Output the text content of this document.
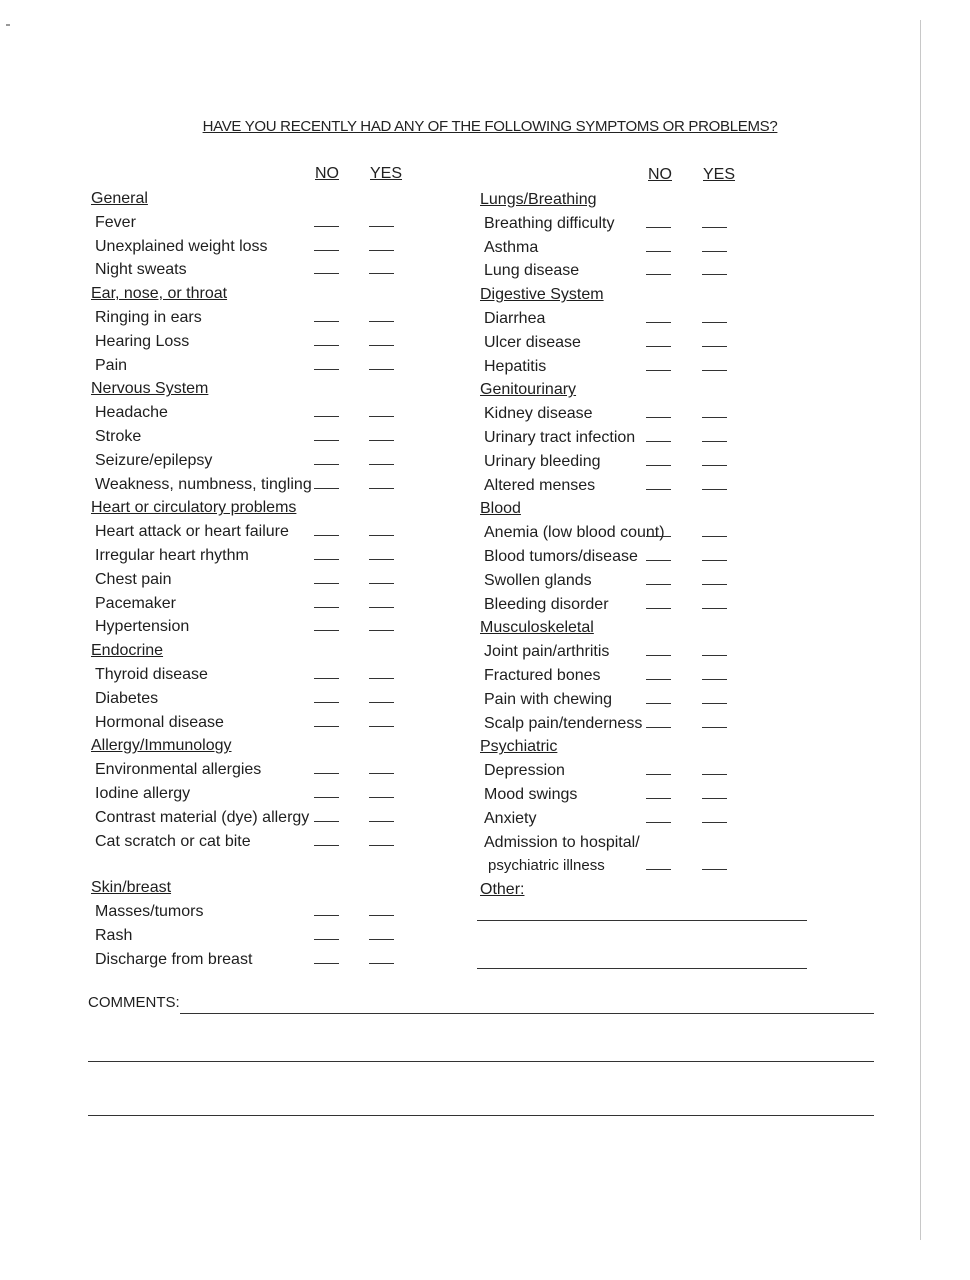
HAVE YOU RECENTLY HAD ANY OF THE FOLLOWING SYMPTOMS OR PROBLEMS?
NO YES	NO YES
General
Fever
Unexplained weight loss
Night sweats
Ear, nose, or throat
Ringing in ears
Hearing Loss
Pain
Nervous System
Headache
Stroke
Seizure/epilepsy
Weakness, numbness, tingling
Heart or circulatory problems
Heart attack or heart failure
Irregular heart rhythm
Chest pain
Pacemaker
Hypertension
Endocrine
Thyroid disease
Diabetes
Hormonal disease
Allergy/Immunology
Environmental allergies
Iodine allergy
Contrast material (dye) allergy
Cat scratch or cat bite
Skin/breast
Masses/tumors
Rash
Discharge from breast
Lungs/Breathing
Breathing difficulty
Asthma
Lung disease
Digestive System
Diarrhea
Ulcer disease
Hepatitis
Genitourinary
Kidney disease
Urinary tract infection
Urinary bleeding
Altered menses
Blood
Anemia (low blood count)
Blood tumors/disease
Swollen glands
Bleeding disorder
Musculoskeletal
Joint pain/arthritis
Fractured bones
Pain with chewing
Scalp pain/tenderness
Psychiatric
Depression
Mood swings
Anxiety
Admission to hospital/
psychiatric illness
Other:
COMMENTS:
